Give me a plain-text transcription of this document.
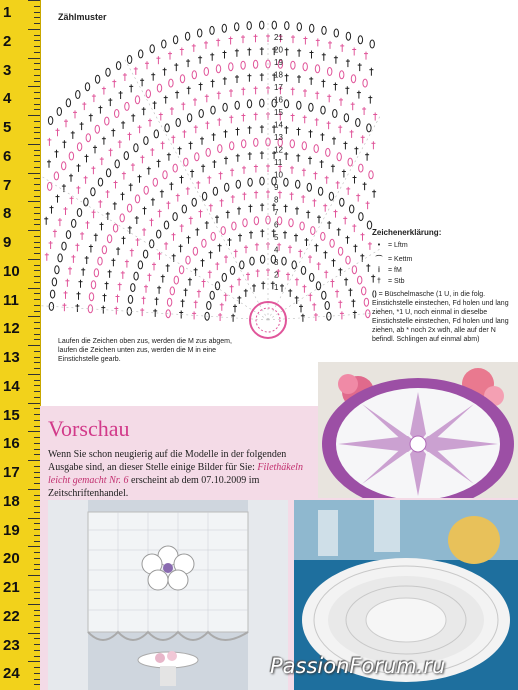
1
2
3
4
5
6
7
8
9
10
11
12
13
14
15
16
17
18
19
20
21
22
23
24
Zählmuster
1
2
3
4
5
6
7
8
9
10
11
12
13
14
15
16
17
18
19
20
21
Zeichenerklärung:
•	= Lftm
⌒ = Kettm
ⅰ	= fM
†	= Stb
() = Büschelmasche (1 U, in die folg. Einstichstelle einstechen, Fd holen und lang ziehen, *1 U, noch einmal in dieselbe Einstichstelle einstechen, Fd holen und lang ziehen, ab * noch 2x wdh, alle auf der N befindl. Schlingen auf einmal abm)
Laufen die Zeichen oben zus, werden die M zus abgem, laufen die Zeichen unten zus, werden die M in eine Einstichstelle gearb.
Vorschau
Wenn Sie schon neugierig auf die Modelle in der folgenden Ausgabe sind, an dieser Stelle einige Bilder für Sie: Filethäkeln leicht gemacht Nr. 6 erscheint ab dem 07.10.2009 im Zeitschriftenhandel.
PassionForum.ru
